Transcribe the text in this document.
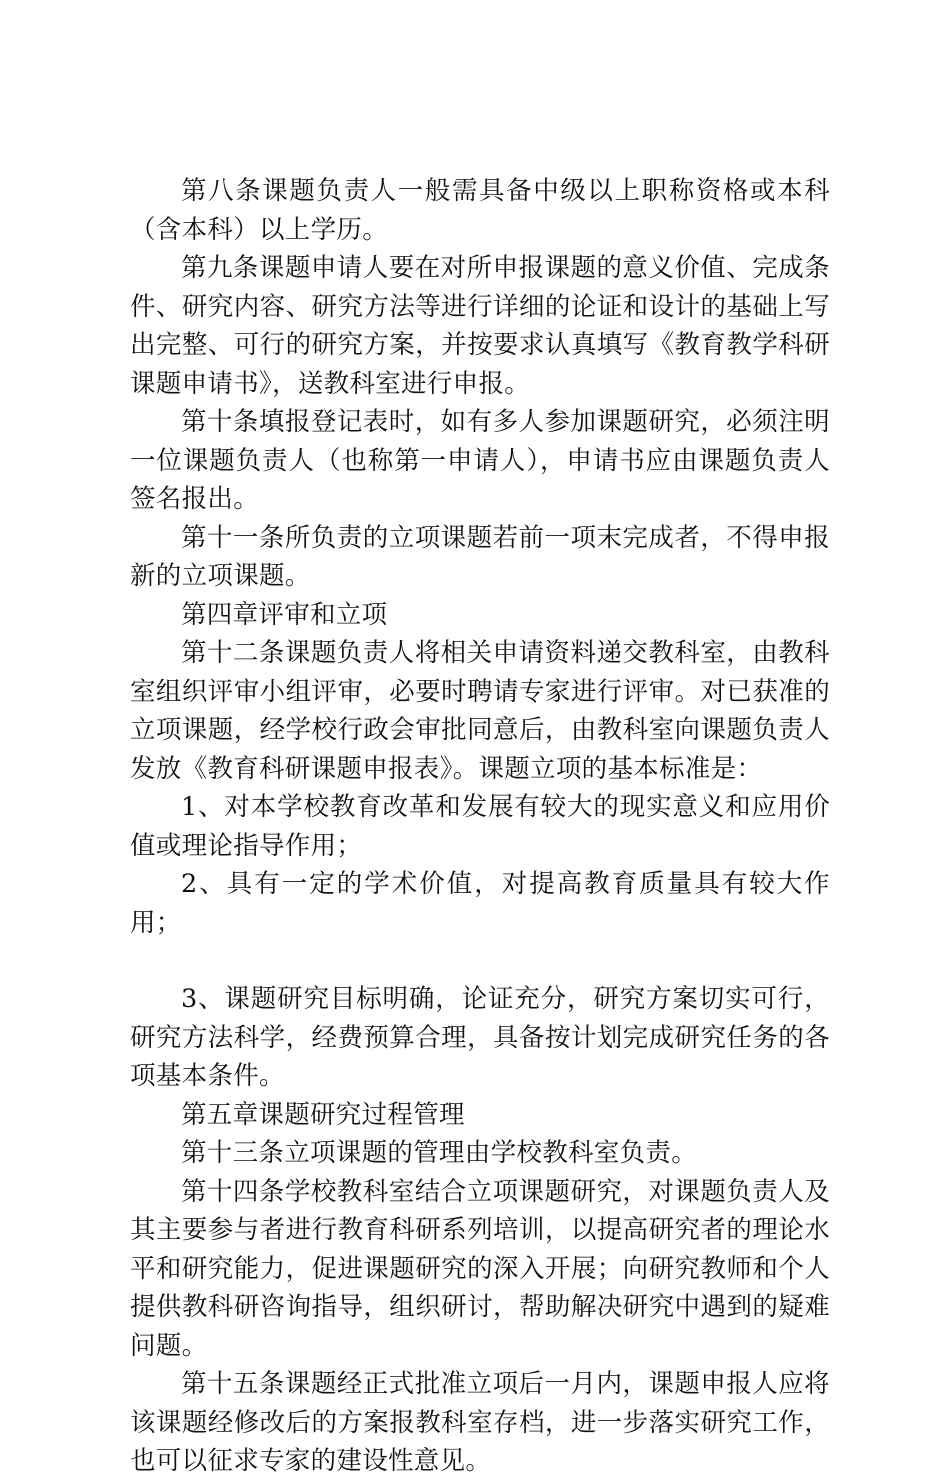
第八条课题负责人一般需具备中级以上职称资格或本科（含本科）以上学历。

第九条课题申请人要在对所申报课题的意义价值、完成条件、研究内容、研究方法等进行详细的论证和设计的基础上写出完整、可行的研究方案，并按要求认真填写《教育教学科研课题申请书》，送教科室进行申报。

第十条填报登记表时，如有多人参加课题研究，必须注明一位课题负责人（也称第一申请人），申请书应由课题负责人签名报出。

第十一条所负责的立项课题若前一项末完成者，不得申报新的立项课题。

第四章评审和立项

第十二条课题负责人将相关申请资料递交教科室，由教科室组织评审小组评审，必要时聘请专家进行评审。对已获准的立项课题，经学校行政会审批同意后，由教科室向课题负责人发放《教育科研课题申报表》。课题立项的基本标准是：

1、对本学校教育改革和发展有较大的现实意义和应用价值或理论指导作用；

2、具有一定的学术价值，对提高教育质量具有较大作用；

3、课题研究目标明确，论证充分，研究方案切实可行，研究方法科学，经费预算合理，具备按计划完成研究任务的各项基本条件。

第五章课题研究过程管理

第十三条立项课题的管理由学校教科室负责。

第十四条学校教科室结合立项课题研究，对课题负责人及其主要参与者进行教育科研系列培训，以提高研究者的理论水平和研究能力，促进课题研究的深入开展；向研究教师和个人提供教科研咨询指导，组织研讨，帮助解决研究中遇到的疑难问题。

第十五条课题经正式批准立项后一月内，课题申报人应将该课题经修改后的方案报教科室存档，进一步落实研究工作，也可以征求专家的建设性意见。
